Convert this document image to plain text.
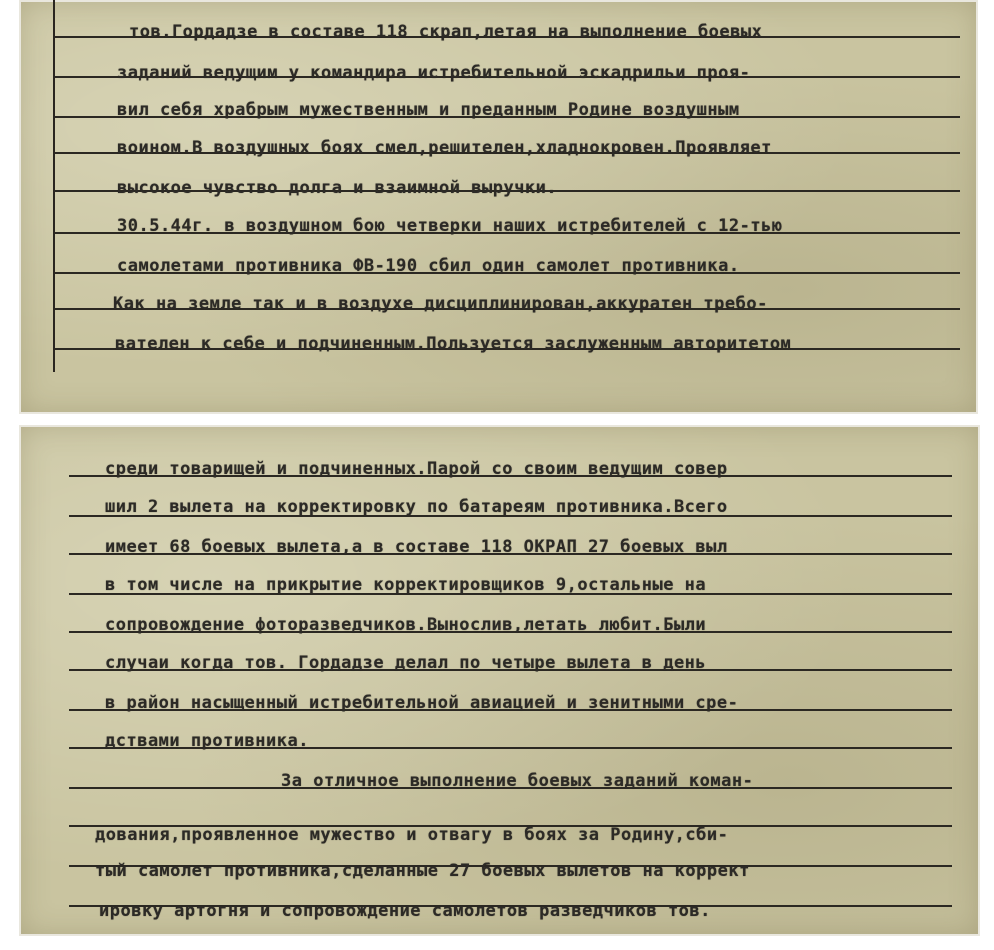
тов.Гордадзе в составе 118 скрап,летая на выполнение боевых
заданий ведущим у командира истребительной эскадрильи проя-
вил себя храбрым мужественным и преданным Родине воздушным
воином.В воздушных боях смел,решителен,хладнокровен.Проявляет
высокое чувство долга и взаимной выручки.
30.5.44г. в воздушном бою четверки наших истребителей с 12-тью
самолетами противника ФВ-190 сбил один самолет противника.
Как на земле так и в воздухе дисциплинирован,аккуратен требо-
вателен к себе и подчиненным.Пользуется заслуженным авторитетом
среди товарищей и подчиненных.Парой со своим ведущим совер
шил 2 вылета на корректировку по батареям противника.Всего
имеет 68 боевых вылета,а в составе 118 ОКРАП 27 боевых выл
в том числе на прикрытие корректировщиков 9,остальные на
сопровождение фоторазведчиков.Вынослив,летать любит.Были
случаи когда тов. Гордадзе делал по четыре вылета в день
в район насыщенный истребительной авиацией и зенитными сре-
дствами противника.
За отличное выполнение боевых заданий коман-
дования,проявленное мужество и отвагу в боях за Родину,сби-
тый самолет противника,сделанные 27 боевых вылетов на коррект
ировку артогня и сопровождение самолетов разведчиков тов.
